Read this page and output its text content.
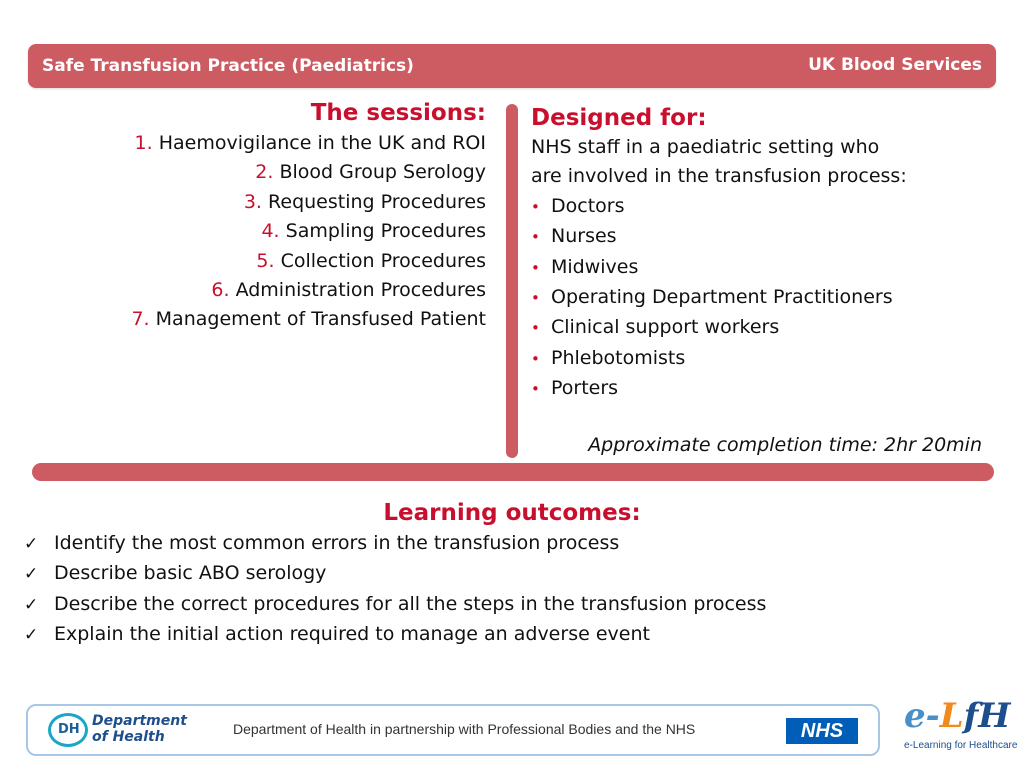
Safe Transfusion Practice (Paediatrics)	UK Blood Services
The sessions:
1. Haemovigilance in the UK and ROI
2. Blood Group Serology
3. Requesting Procedures
4. Sampling Procedures
5. Collection Procedures
6. Administration Procedures
7. Management of Transfused Patient
Designed for:
NHS staff in a paediatric setting who
are involved in the transfusion process:
• Doctors
• Nurses
• Midwives
• Operating Department Practitioners
• Clinical support workers
• Phlebotomists
• Porters
Approximate completion time: 2hr 20min
Learning outcomes:
✓ Identify the most common errors in the transfusion process
✓ Describe basic ABO serology
✓ Describe the correct procedures for all the steps in the transfusion process
✓ Explain the initial action required to manage an adverse event
DH
Department
of Health	Department of Health in partnership with Professional Bodies and the NHS	NHS	e-LfH
e-Learning for Healthcare
